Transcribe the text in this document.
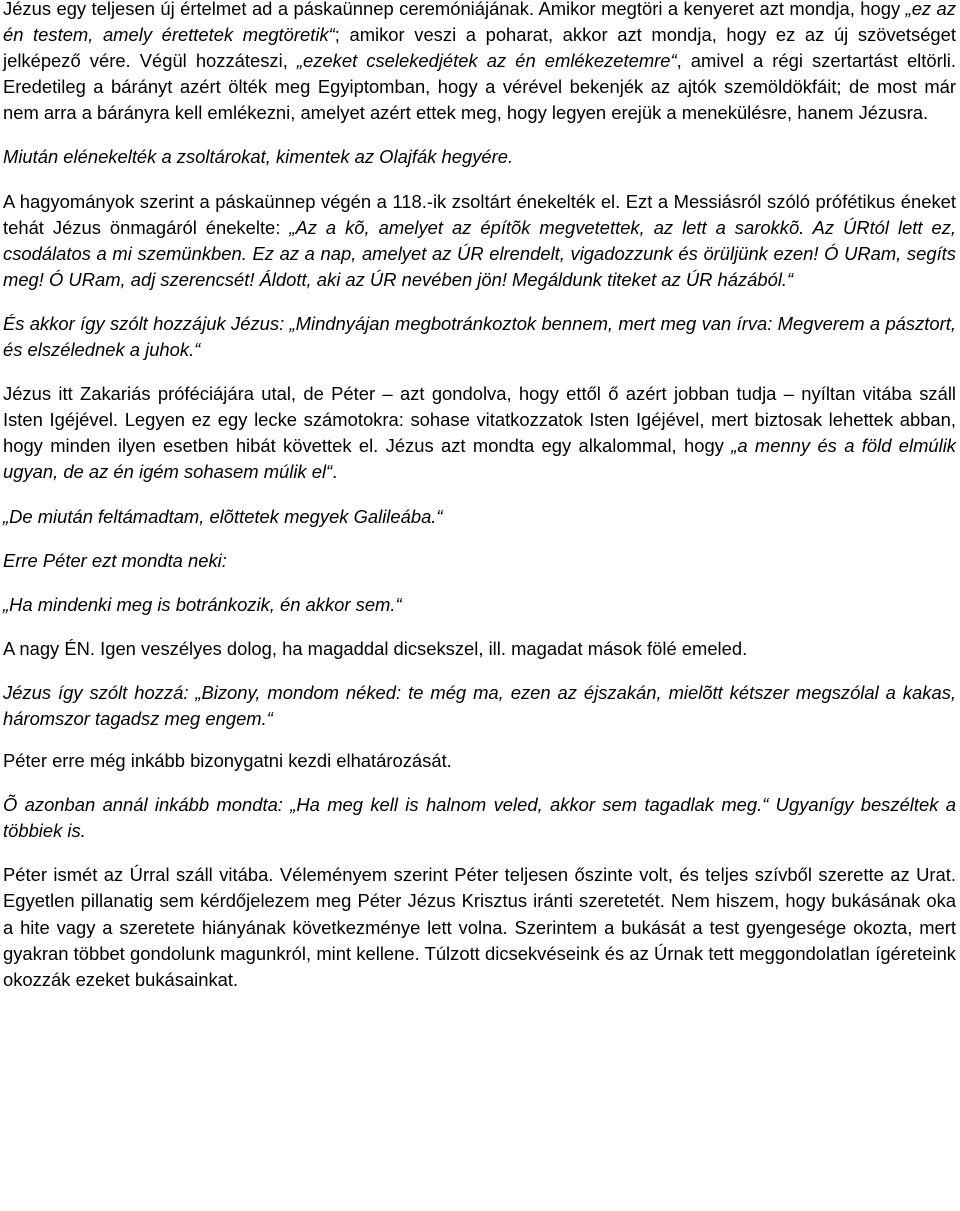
Jézus egy teljesen új értelmet ad a páskaünnep ceremóniájának. Amikor megtöri a kenyeret azt mondja, hogy „ez az én testem, amely érettetek megtöretik“; amikor veszi a poharat, akkor azt mondja, hogy ez az új szövetséget jelképező vére. Végül hozzáteszi, „ezeket cselekedjétek az én emlékezetemre“, amivel a régi szertartást eltörli. Eredetileg a bárányt azért ölték meg Egyiptomban, hogy a vérével bekenjék az ajtók szemöldökfáit; de most már nem arra a bárányra kell emlékezni, amelyet azért ettek meg, hogy legyen erejük a menekülésre, hanem Jézusra.

Miután elénekelték a zsoltárokat, kimentek az Olajfák hegyére.

A hagyományok szerint a páskaünnep végén a 118.-ik zsoltárt énekelték el. Ezt a Messiásról szóló prófétikus éneket tehát Jézus önmagáról énekelte: „Az a kõ, amelyet az építõk megvetettek, az lett a sarokkõ. Az ÚRtól lett ez, csodálatos a mi szemünkben. Ez az a nap, amelyet az ÚR elrendelt, vigadozzunk és örüljünk ezen! Ó URam, segíts meg! Ó URam, adj szerencsét! Áldott, aki az ÚR nevében jön! Megáldunk titeket az ÚR házából.“

És akkor így szólt hozzájuk Jézus: „Mindnyájan megbotránkoztok bennem, mert meg van írva: Megverem a pásztort, és elszélednek a juhok.“

Jézus itt Zakariás próféciájára utal, de Péter – azt gondolva, hogy ettől ő azért jobban tudja – nyíltan vitába száll Isten Igéjével. Legyen ez egy lecke számotokra: sohase vitatkozzatok Isten Igéjével, mert biztosak lehettek abban, hogy minden ilyen esetben hibát követtek el. Jézus azt mondta egy alkalommal, hogy „a menny és a föld elmúlik ugyan, de az én igém sohasem múlik el“.

„De miután feltámadtam, elõttetek megyek Galileába.“

Erre Péter ezt mondta neki:

„Ha mindenki meg is botránkozik, én akkor sem.“

A nagy ÉN. Igen veszélyes dolog, ha magaddal dicsekszel, ill. magadat mások fölé emeled.

Jézus így szólt hozzá: „Bizony, mondom néked: te még ma, ezen az éjszakán, mielõtt kétszer megszólal a kakas, háromszor tagadsz meg engem.“

Péter erre még inkább bizonygatni kezdi elhatározását.

Õ azonban annál inkább mondta: „Ha meg kell is halnom veled, akkor sem tagadlak meg.“ Ugyanígy beszéltek a többiek is.

Péter ismét az Úrral száll vitába. Véleményem szerint Péter teljesen őszinte volt, és teljes szívből szerette az Urat. Egyetlen pillanatig sem kérdőjelezem meg Péter Jézus Krisztus iránti szeretetét. Nem hiszem, hogy bukásának oka a hite vagy a szeretete hiányának következménye lett volna. Szerintem a bukását a test gyengesége okozta, mert gyakran többet gondolunk magunkról, mint kellene. Túlzott dicsekvéseink és az Úrnak tett meggondolatlan ígéreteink okozzák ezeket bukásainkat.
